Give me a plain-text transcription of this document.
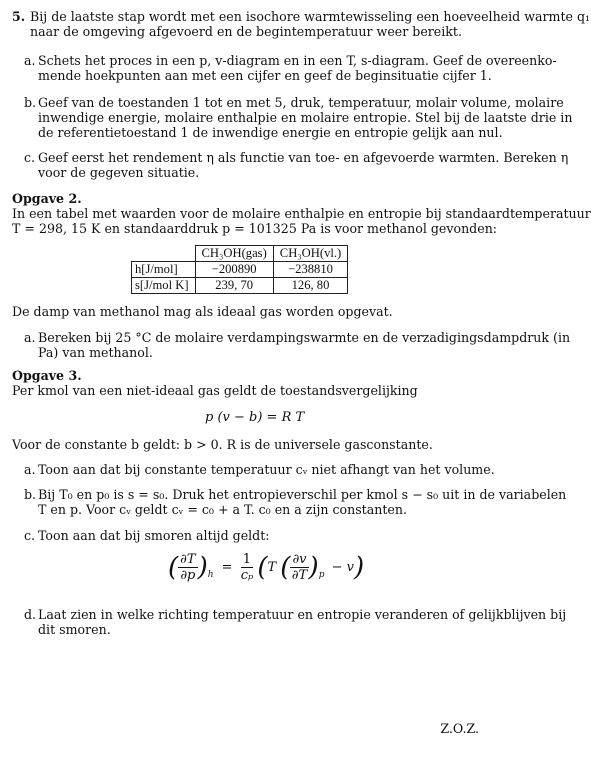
5. Bij de laatste stap wordt met een isochore warmtewisseling een hoeveelheid warmte q₁
naar de omgeving afgevoerd en de begintemperatuur weer bereikt.
a. Schets het proces in een p, v-diagram en in een T, s-diagram. Geef de overeenko-
mende hoekpunten aan met een cijfer en geef de beginsituatie cijfer 1.
b. Geef van de toestanden 1 tot en met 5, druk, temperatuur, molair volume, molaire
inwendige energie, molaire enthalpie en molaire entropie. Stel bij de laatste drie in
de referentietoestand 1 de inwendige energie en entropie gelijk aan nul.
c. Geef eerst het rendement η als functie van toe- en afgevoerde warmten. Bereken η
voor de gegeven situatie.
Opgave 2.
In een tabel met waarden voor de molaire enthalpie en entropie bij standaardtemperatuur
T = 298, 15 K en standaarddruk p = 101325 Pa is voor methanol gevonden:
	CH₃OH(gas)	CH₃OH(vl.)
h[J/mol]	−200890	−238810
s[J/mol K]	239, 70	126, 80
De damp van methanol mag als ideaal gas worden opgevat.
a. Bereken bij 25 °C de molaire verdampingswarmte en de verzadigingsdampdruk (in
Pa) van methanol.
Opgave 3.
Per kmol van een niet-ideaal gas geldt de toestandsvergelijking
p (v − b) = R T
Voor de constante b geldt: b > 0. R is de universele gasconstante.
a. Toon aan dat bij constante temperatuur cᵥ niet afhangt van het volume.
b. Bij T₀ en p₀ is s = s₀. Druk het entropieverschil per kmol s − s₀ uit in de variabelen
T en p. Voor cᵥ geldt cᵥ = c₀ + a T. c₀ en a zijn constanten.
c. Toon aan dat bij smoren altijd geldt:
( $\frac{\partial T}{\partial p} )_h = \frac{1}{\text{cₚ}} (T$ ( $\frac{\partial v}{\partial T} )_p - v$)
d. Laat zien in welke richting temperatuur en entropie veranderen of gelijkblijven bij
dit smoren.
Z.O.Z.
